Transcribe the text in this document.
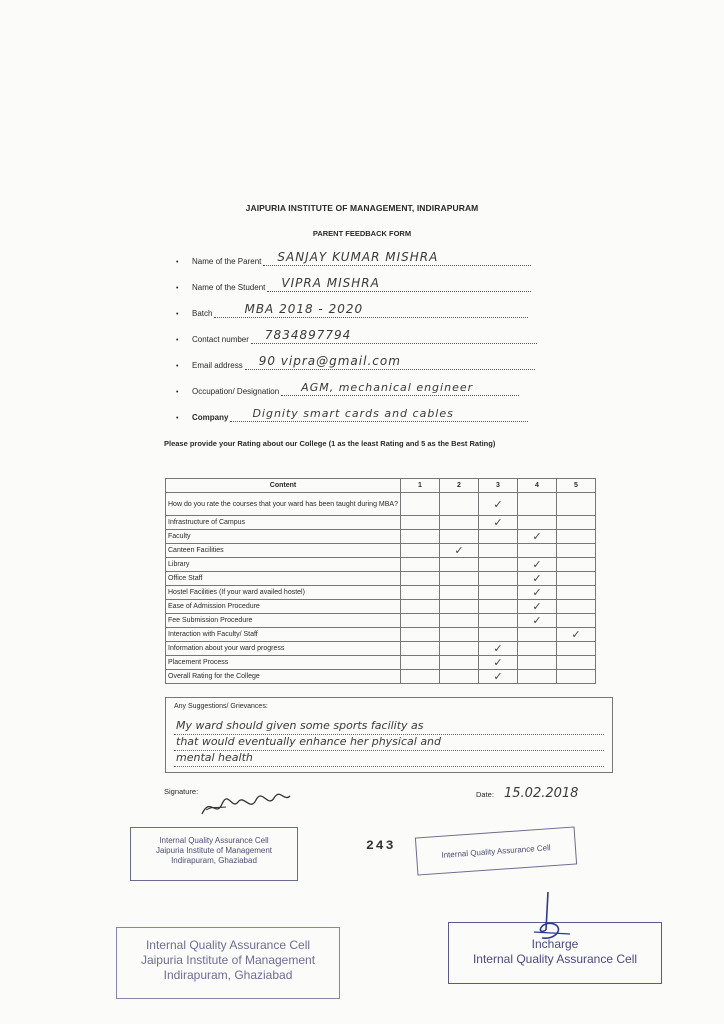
JAIPURIA INSTITUTE OF MANAGEMENT, INDIRAPURAM
PARENT FEEDBACK FORM
•	Name of the Parent SANJAY KUMAR MISHRA
•	Name of the Student VIPRA MISHRA
•	Batch	MBA 2018 - 2020
•	Contact number 7834897794
•	Email address 90 vipra@gmail.com
•	Occupation/ Designation AGM, mechanical engineer
•	Company Dignity smart cards and cables
Please provide your Rating about our College (1 as the least Rating and 5 as the Best Rating)
Content	1	2	3	4	5
How do you rate the courses that your ward has been taught during MBA?			✓		
Infrastructure of Campus			✓		
Faculty				✓	
Canteen Facilities		✓			
Library				✓	
Office Staff				✓	
Hostel Facilities (If your ward availed hostel)				✓	
Ease of Admission Procedure				✓	
Fee Submission Procedure				✓	
Interaction with Faculty/ Staff					✓
Information about your ward progress			✓		
Placement Process			✓		
Overall Rating for the College			✓		
Any Suggestions/ Grievances:
My ward should given some sports facility as
that would eventually enhance her physical and
mental health
Signature:	Date: 15.02.2018
Internal Quality Assurance Cell
Jaipuria Institute of Management
Indirapuram, Ghaziabad
243	Internal Quality Assurance Cell
Internal Quality Assurance Cell
Jaipuria Institute of Management
Indirapuram, Ghaziabad
Incharge
Internal Quality Assurance Cell
